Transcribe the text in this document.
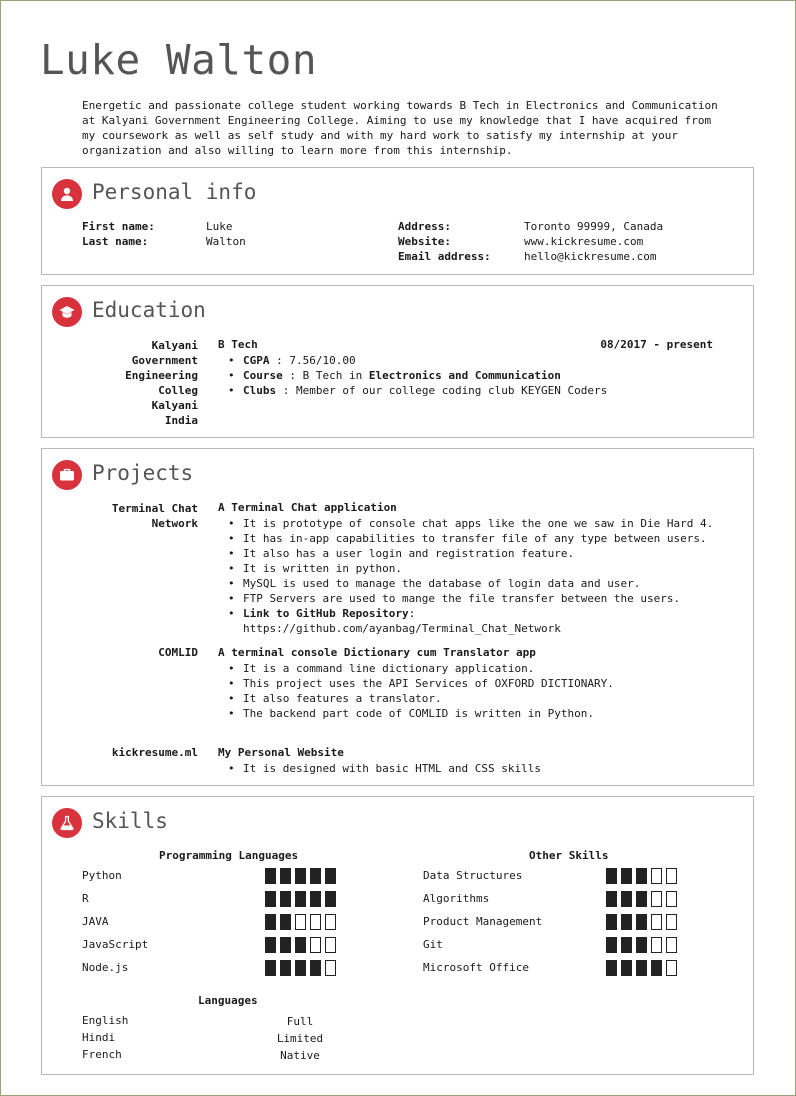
Luke Walton
Energetic and passionate college student working towards B Tech in Electronics and Communication at Kalyani Government Engineering College. Aiming to use my knowledge that I have acquired from my coursework as well as self study and with my hard work to satisfy my internship at your organization and also willing to learn more from this internship.
Personal info
First name:	Luke
Last name:	Walton
Address:	Toronto 99999, Canada
Website:	www.kickresume.com
Email address:	hello@kickresume.com
Education
Kalyani
Government
Engineering
Colleg
Kalyani
India
B Tech	08/2017 - present
• CGPA : 7.56/10.00
• Course : B Tech in Electronics and Communication
• Clubs : Member of our college coding club KEYGEN Coders
Projects
Terminal Chat
Network
A Terminal Chat application
• It is prototype of console chat apps like the one we saw in Die Hard 4.
• It has in-app capabilities to transfer file of any type between users.
• It also has a user login and registration feature.
• It is written in python.
• MySQL is used to manage the database of login data and user.
• FTP Servers are used to mange the file transfer between the users.
• Link to GitHub Repository:
https://github.com/ayanbag/Terminal_Chat_Network
COMLID A terminal console Dictionary cum Translator app
• It is a command line dictionary application.
• This project uses the API Services of OXFORD DICTIONARY.
• It also features a translator.
• The backend part code of COMLID is written in Python.
kickresume.ml My Personal Website
• It is designed with basic HTML and CSS skills
Skills
Programming Languages	Other Skills
Python
R
JAVA
JavaScript
Node.js
Data Structures
Algorithms
Product Management
Git
Microsoft Office
Languages
English	Full
Hindi	Limited
French	Native
